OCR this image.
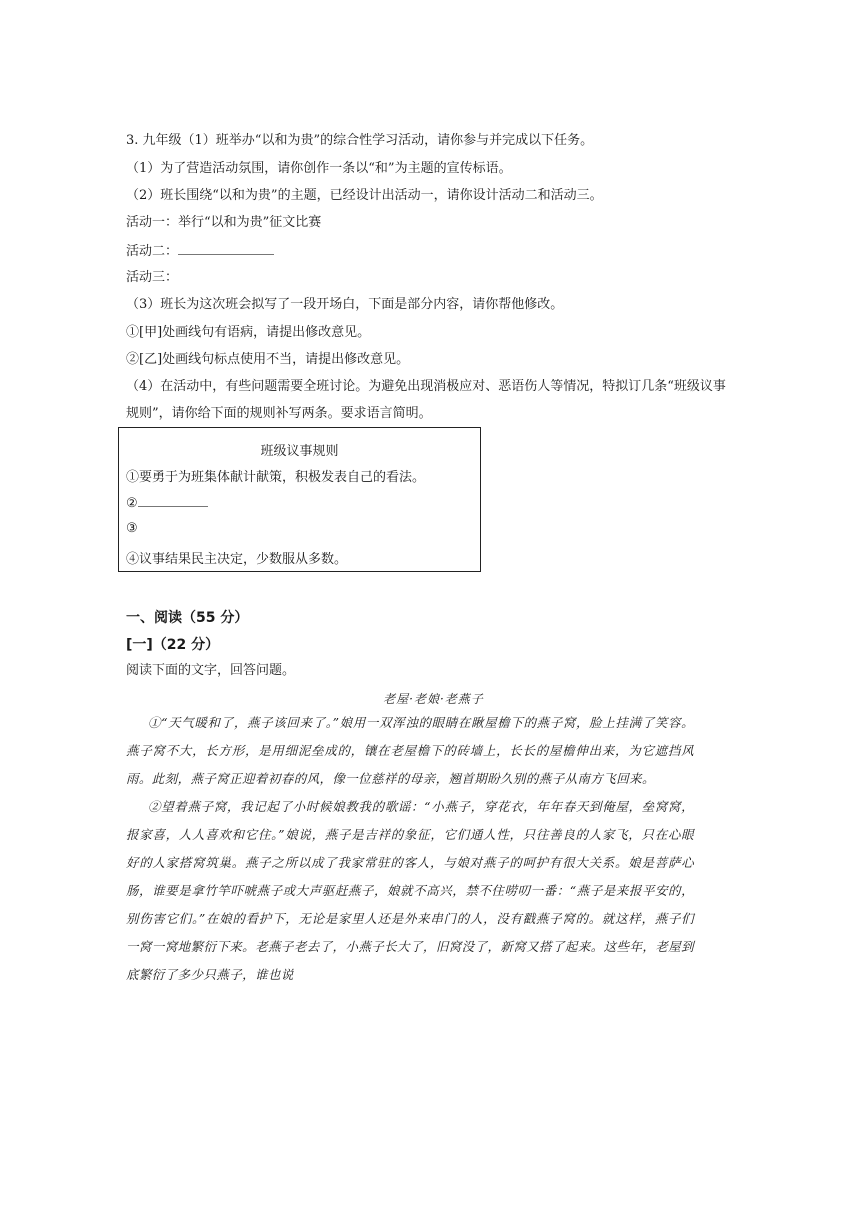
3. 九年级（1）班举办“以和为贵”的综合性学习活动，请你参与并完成以下任务。

（1）为了营造活动氛围，请你创作一条以“和”为主题的宣传标语。

（2）班长围绕“以和为贵”的主题，已经设计出活动一，请你设计活动二和活动三。

活动一：举行“以和为贵”征文比赛

活动二：

活动三：

（3）班长为这次班会拟写了一段开场白，下面是部分内容，请你帮他修改。

①[甲]处画线句有语病，请提出修改意见。

②[乙]处画线句标点使用不当，请提出修改意见。

（4）在活动中，有些问题需要全班讨论。为避免出现消极应对、恶语伤人等情况，特拟订几条“班级议事

规则”，请你给下面的规则补写两条。要求语言简明。

班级议事规则
①要勇于为班集体献计献策，积极发表自己的看法。
②
③
④议事结果民主决定，少数服从多数。
一、阅读（55 分）
[一]（22 分）

阅读下面的文字，回答问题。

老屋·老娘·老燕子

①“天气暖和了，燕子该回来了。”娘用一双浑浊的眼睛在瞅屋檐下的燕子窝，脸上挂满了笑容。燕子窝不大，长方形，是用细泥垒成的，镶在老屋檐下的砖墙上，长长的屋檐伸出来，为它遮挡风雨。此刻，燕子窝正迎着初春的风，像一位慈祥的母亲，翘首期盼久别的燕子从南方飞回来。

②望着燕子窝，我记起了小时候娘教我的歌谣：“小燕子，穿花衣，年年春天到俺屋，垒窝窝，报家喜，人人喜欢和它住。”娘说，燕子是吉祥的象征，它们通人性，只往善良的人家飞，只在心眼好的人家搭窝筑巢。燕子之所以成了我家常驻的客人，与娘对燕子的呵护有很大关系。娘是菩萨心肠，谁要是拿竹竿吓唬燕子或大声驱赶燕子，娘就不高兴，禁不住唠叨一番：“燕子是来报平安的，别伤害它们。”在娘的看护下，无论是家里人还是外来串门的人，没有戳燕子窝的。就这样，燕子们一窝一窝地繁衍下来。老燕子老去了，小燕子长大了，旧窝没了，新窝又搭了起来。这些年，老屋到底繁衍了多少只燕子，谁也说
